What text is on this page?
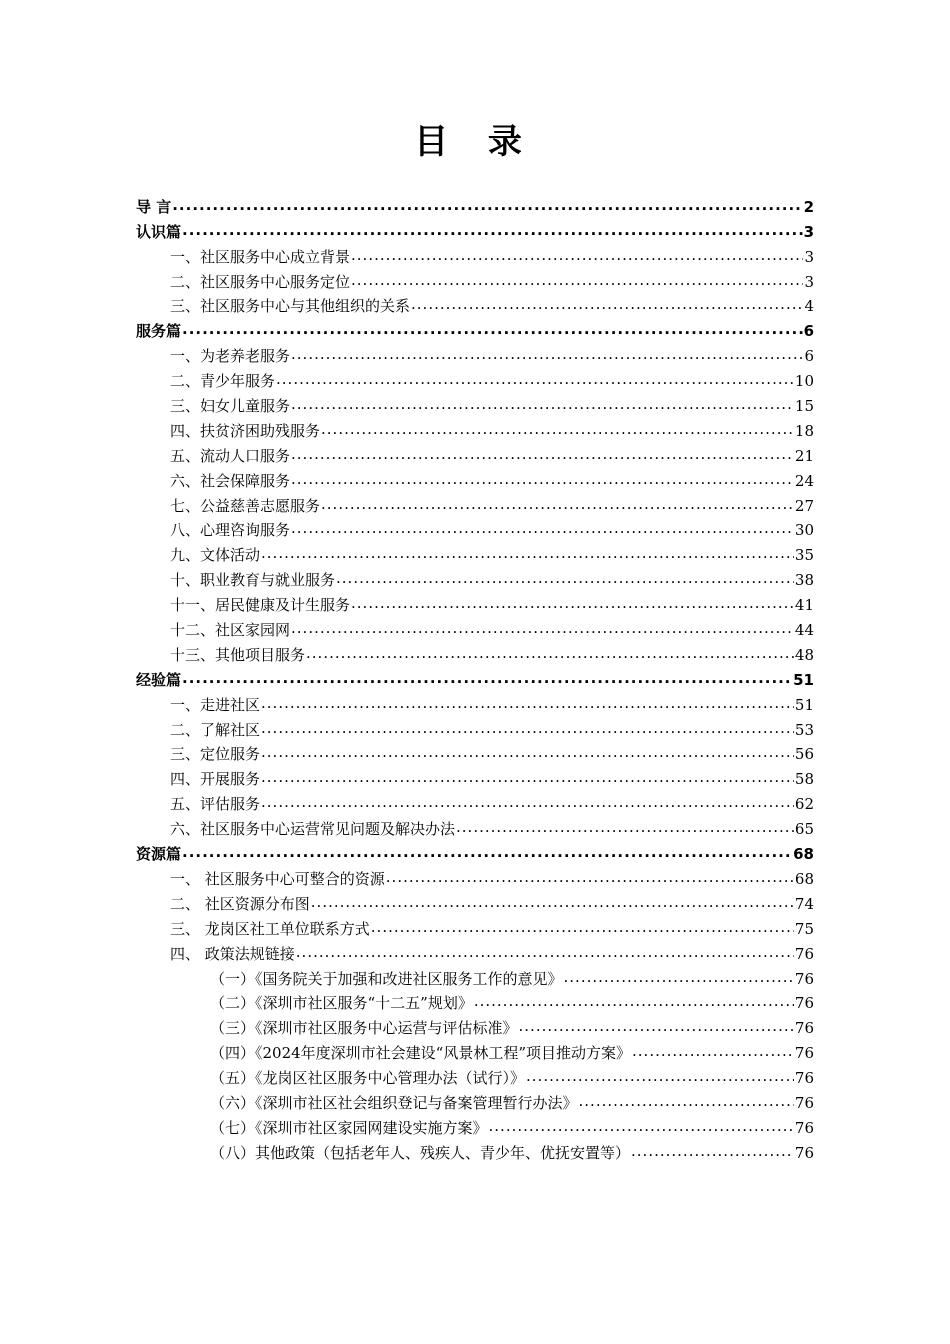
目 录
导 言 .....	2
认识篇 .....	3
一、社区服务中心成立背景 .....	3
二、社区服务中心服务定位 .....	3
三、社区服务中心与其他组织的关系 .....	4
服务篇 .....	6
一、为老养老服务 .....	6
二、青少年服务 .....	10
三、妇女儿童服务 .....	15
四、扶贫济困助残服务 .....	18
五、流动人口服务 .....	21
六、社会保障服务 .....	24
七、公益慈善志愿服务 .....	27
八、心理咨询服务 .....	30
九、文体活动 .....	35
十、职业教育与就业服务 .....	38
十一、居民健康及计生服务 .....	41
十二、社区家园网 .....	44
十三、其他项目服务 .....	48
经验篇 .....	51
一、走进社区 .....	51
二、了解社区 .....	53
三、定位服务 .....	56
四、开展服务 .....	58
五、评估服务 .....	62
六、社区服务中心运营常见问题及解决办法 .....	65
资源篇 .....	68
一、 社区服务中心可整合的资源 .....	68
二、 社区资源分布图 .....	74
三、 龙岗区社工单位联系方式 .....	75
四、 政策法规链接 .....	76
（一）《国务院关于加强和改进社区服务工作的意见》 .....	76
（二）《深圳市社区服务“十二五”规划》 .....	76
（三）《深圳市社区服务中心运营与评估标准》 .....	76
（四）《2024年度深圳市社会建设“风景林工程”项目推动方案》 .....	76
（五）《龙岗区社区服务中心管理办法（试行）》 .....	76
（六）《深圳市社区社会组织登记与备案管理暂行办法》 .....	76
（七）《深圳市社区家园网建设实施方案》 .....	76
（八）其他政策（包括老年人、残疾人、青少年、优抚安置等） .....	76
